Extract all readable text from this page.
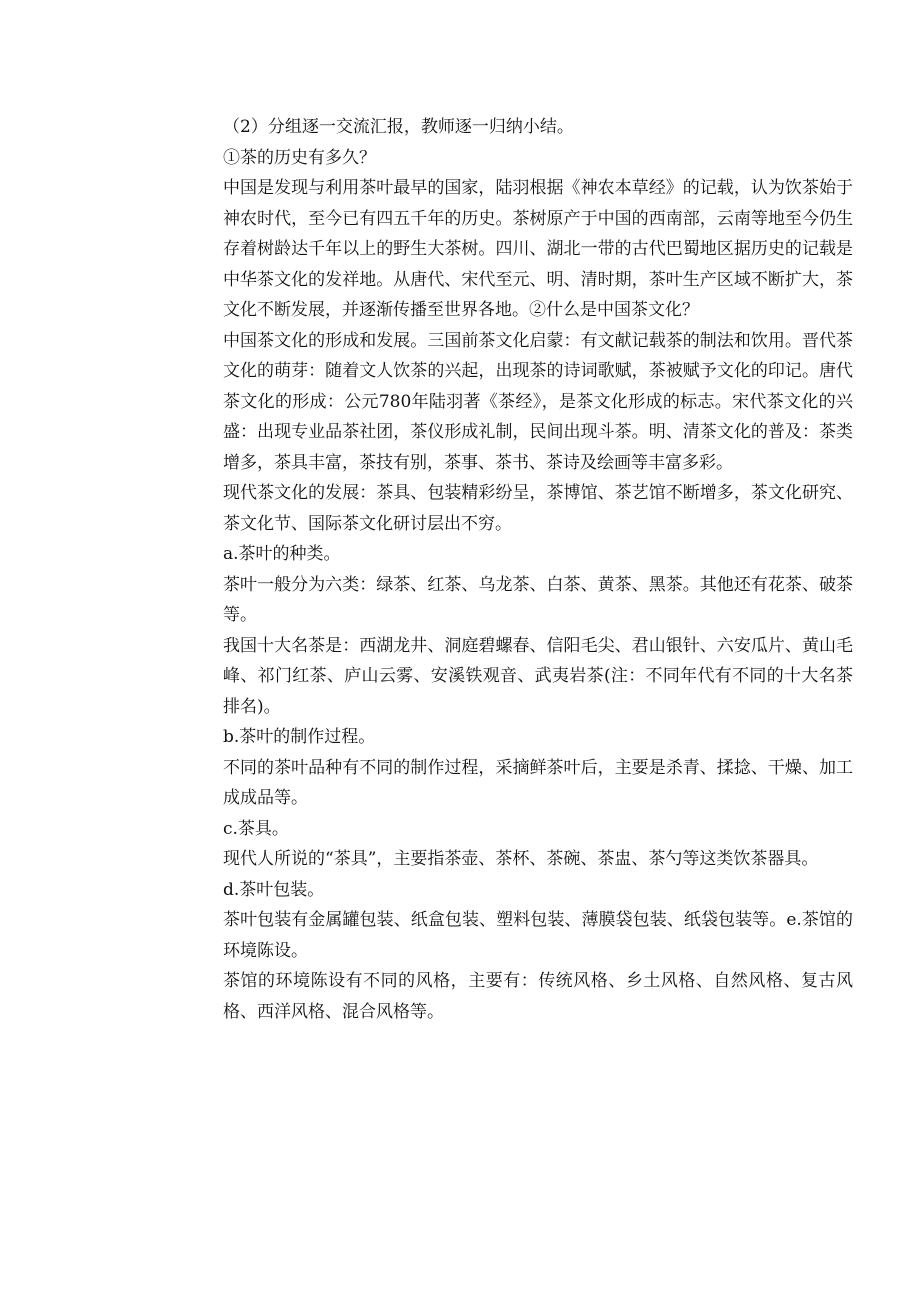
（2）分组逐一交流汇报，教师逐一归纳小结。

①茶的历史有多久？

中国是发现与利用茶叶最早的国家，陆羽根据《神农本草经》的记载，认为饮茶始于神农时代，至今已有四五千年的历史。茶树原产于中国的西南部，云南等地至今仍生存着树龄达千年以上的野生大茶树。四川、湖北一带的古代巴蜀地区据历史的记载是中华茶文化的发祥地。从唐代、宋代至元、明、清时期，茶叶生产区域不断扩大，茶文化不断发展，并逐渐传播至世界各地。②什么是中国茶文化？

中国茶文化的形成和发展。三国前茶文化启蒙：有文献记载茶的制法和饮用。晋代茶文化的萌芽：随着文人饮茶的兴起，出现茶的诗词歌赋，茶被赋予文化的印记。唐代茶文化的形成：公元780年陆羽著《茶经》，是茶文化形成的标志。宋代茶文化的兴盛：出现专业品茶社团，茶仪形成礼制，民间出现斗茶。明、清茶文化的普及：茶类增多，茶具丰富，茶技有别，茶事、茶书、茶诗及绘画等丰富多彩。

现代茶文化的发展：茶具、包装精彩纷呈，茶博馆、茶艺馆不断增多，茶文化研究、茶文化节、国际茶文化研讨层出不穷。

a.茶叶的种类。

茶叶一般分为六类：绿茶、红茶、乌龙茶、白茶、黄茶、黑茶。其他还有花茶、破茶等。

我国十大名茶是：西湖龙井、洞庭碧螺春、信阳毛尖、君山银针、六安瓜片、黄山毛峰、祁门红茶、庐山云雾、安溪铁观音、武夷岩茶(注：不同年代有不同的十大名茶排名)。

b.茶叶的制作过程。

不同的茶叶品种有不同的制作过程，采摘鲜茶叶后，主要是杀青、揉捻、干燥、加工成成品等。

c.茶具。

现代人所说的“茶具”，主要指茶壶、茶杯、茶碗、茶盅、茶勺等这类饮茶器具。

d.茶叶包装。

茶叶包装有金属罐包装、纸盒包装、塑料包装、薄膜袋包装、纸袋包装等。e.茶馆的环境陈设。

茶馆的环境陈设有不同的风格，主要有：传统风格、乡土风格、自然风格、复古风格、西洋风格、混合风格等。
